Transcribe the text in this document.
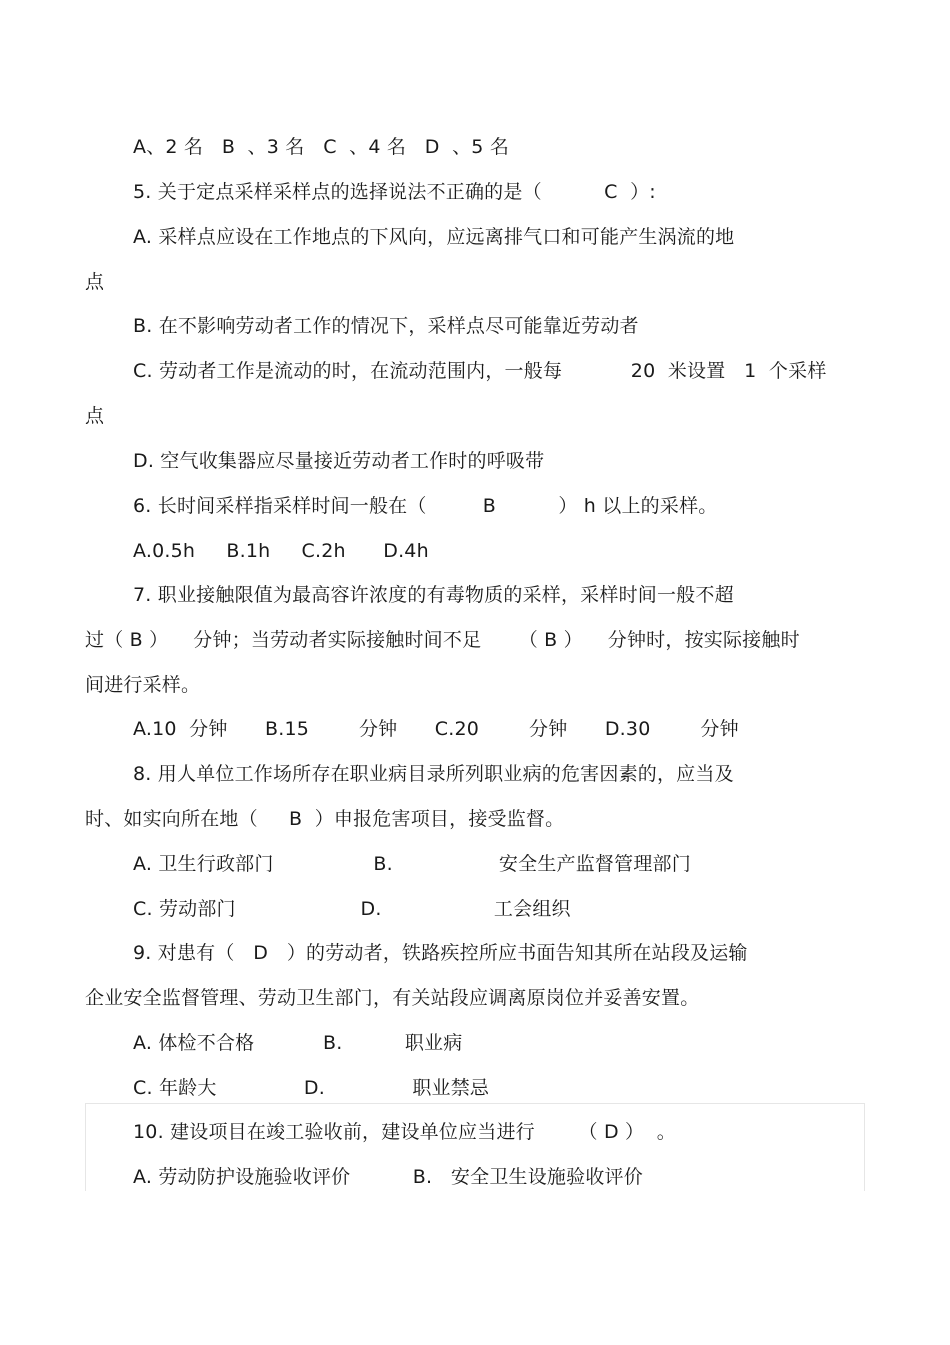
A、2 名   B  、3 名   C  、4 名   D  、5 名
5. 关于定点采样采样点的选择说法不正确的是（          C  ）:
A. 采样点应设在工作地点的下风向，应远离排气口和可能产生涡流的地
点
B. 在不影响劳动者工作的情况下，采样点尽可能靠近劳动者
C. 劳动者工作是流动的时，在流动范围内，一般每           20  米设置   1  个采样
点
D. 空气收集器应尽量接近劳动者工作时的呼吸带
6. 长时间采样指采样时间一般在（         B          ） h 以上的采样。
A.0.5h     B.1h     C.2h      D.4h
7. 职业接触限值为最高容许浓度的有毒物质的采样，采样时间一般不超
过（ B ）    分钟；当劳动者实际接触时间不足      （ B ）    分钟时，按实际接触时
间进行采样。
A.10  分钟      B.15        分钟      C.20        分钟      D.30        分钟
8. 用人单位工作场所存在职业病目录所列职业病的危害因素的，应当及
时、如实向所在地（     B  ）申报危害项目，接受监督。
A. 卫生行政部门                B.                 安全生产监督管理部门
C. 劳动部门                    D.                  工会组织
9. 对患有（   D   ）的劳动者，铁路疾控所应书面告知其所在站段及运输
企业安全监督管理、劳动卫生部门，有关站段应调离原岗位并妥善安置。
A. 体检不合格           B.          职业病
C. 年龄大              D.              职业禁忌
10. 建设项目在竣工验收前，建设单位应当进行       （ D ）  。
A. 劳动防护设施验收评价          B.   安全卫生设施验收评价
